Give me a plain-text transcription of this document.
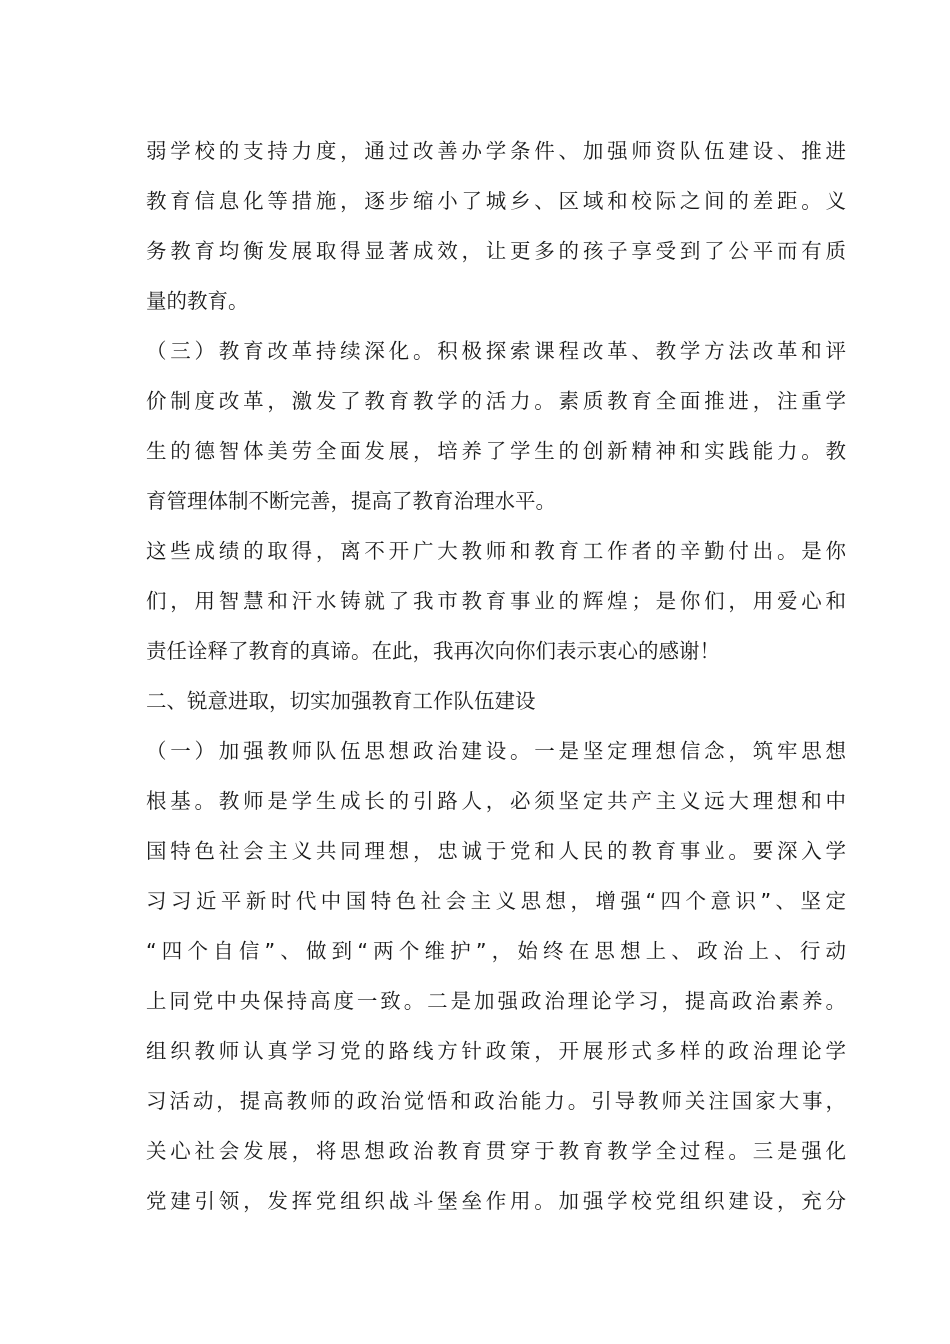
弱学校的支持力度，通过改善办学条件、加强师资队伍建设、推进
教育信息化等措施，逐步缩小了城乡、区域和校际之间的差距。义
务教育均衡发展取得显著成效，让更多的孩子享受到了公平而有质
量的教育。
（三）教育改革持续深化。积极探索课程改革、教学方法改革和评
价制度改革，激发了教育教学的活力。素质教育全面推进，注重学
生的德智体美劳全面发展，培养了学生的创新精神和实践能力。教
育管理体制不断完善，提高了教育治理水平。
这些成绩的取得，离不开广大教师和教育工作者的辛勤付出。是你
们，用智慧和汗水铸就了我市教育事业的辉煌；是你们，用爱心和
责任诠释了教育的真谛。在此，我再次向你们表示衷心的感谢！
二、锐意进取，切实加强教育工作队伍建设
（一）加强教师队伍思想政治建设。一是坚定理想信念，筑牢思想
根基。教师是学生成长的引路人，必须坚定共产主义远大理想和中
国特色社会主义共同理想，忠诚于党和人民的教育事业。要深入学
习习近平新时代中国特色社会主义思想，增强“四个意识”、坚定
“四个自信”、做到“两个维护”，始终在思想上、政治上、行动
上同党中央保持高度一致。二是加强政治理论学习，提高政治素养。
组织教师认真学习党的路线方针政策，开展形式多样的政治理论学
习活动，提高教师的政治觉悟和政治能力。引导教师关注国家大事，
关心社会发展，将思想政治教育贯穿于教育教学全过程。三是强化
党建引领，发挥党组织战斗堡垒作用。加强学校党组织建设，充分
